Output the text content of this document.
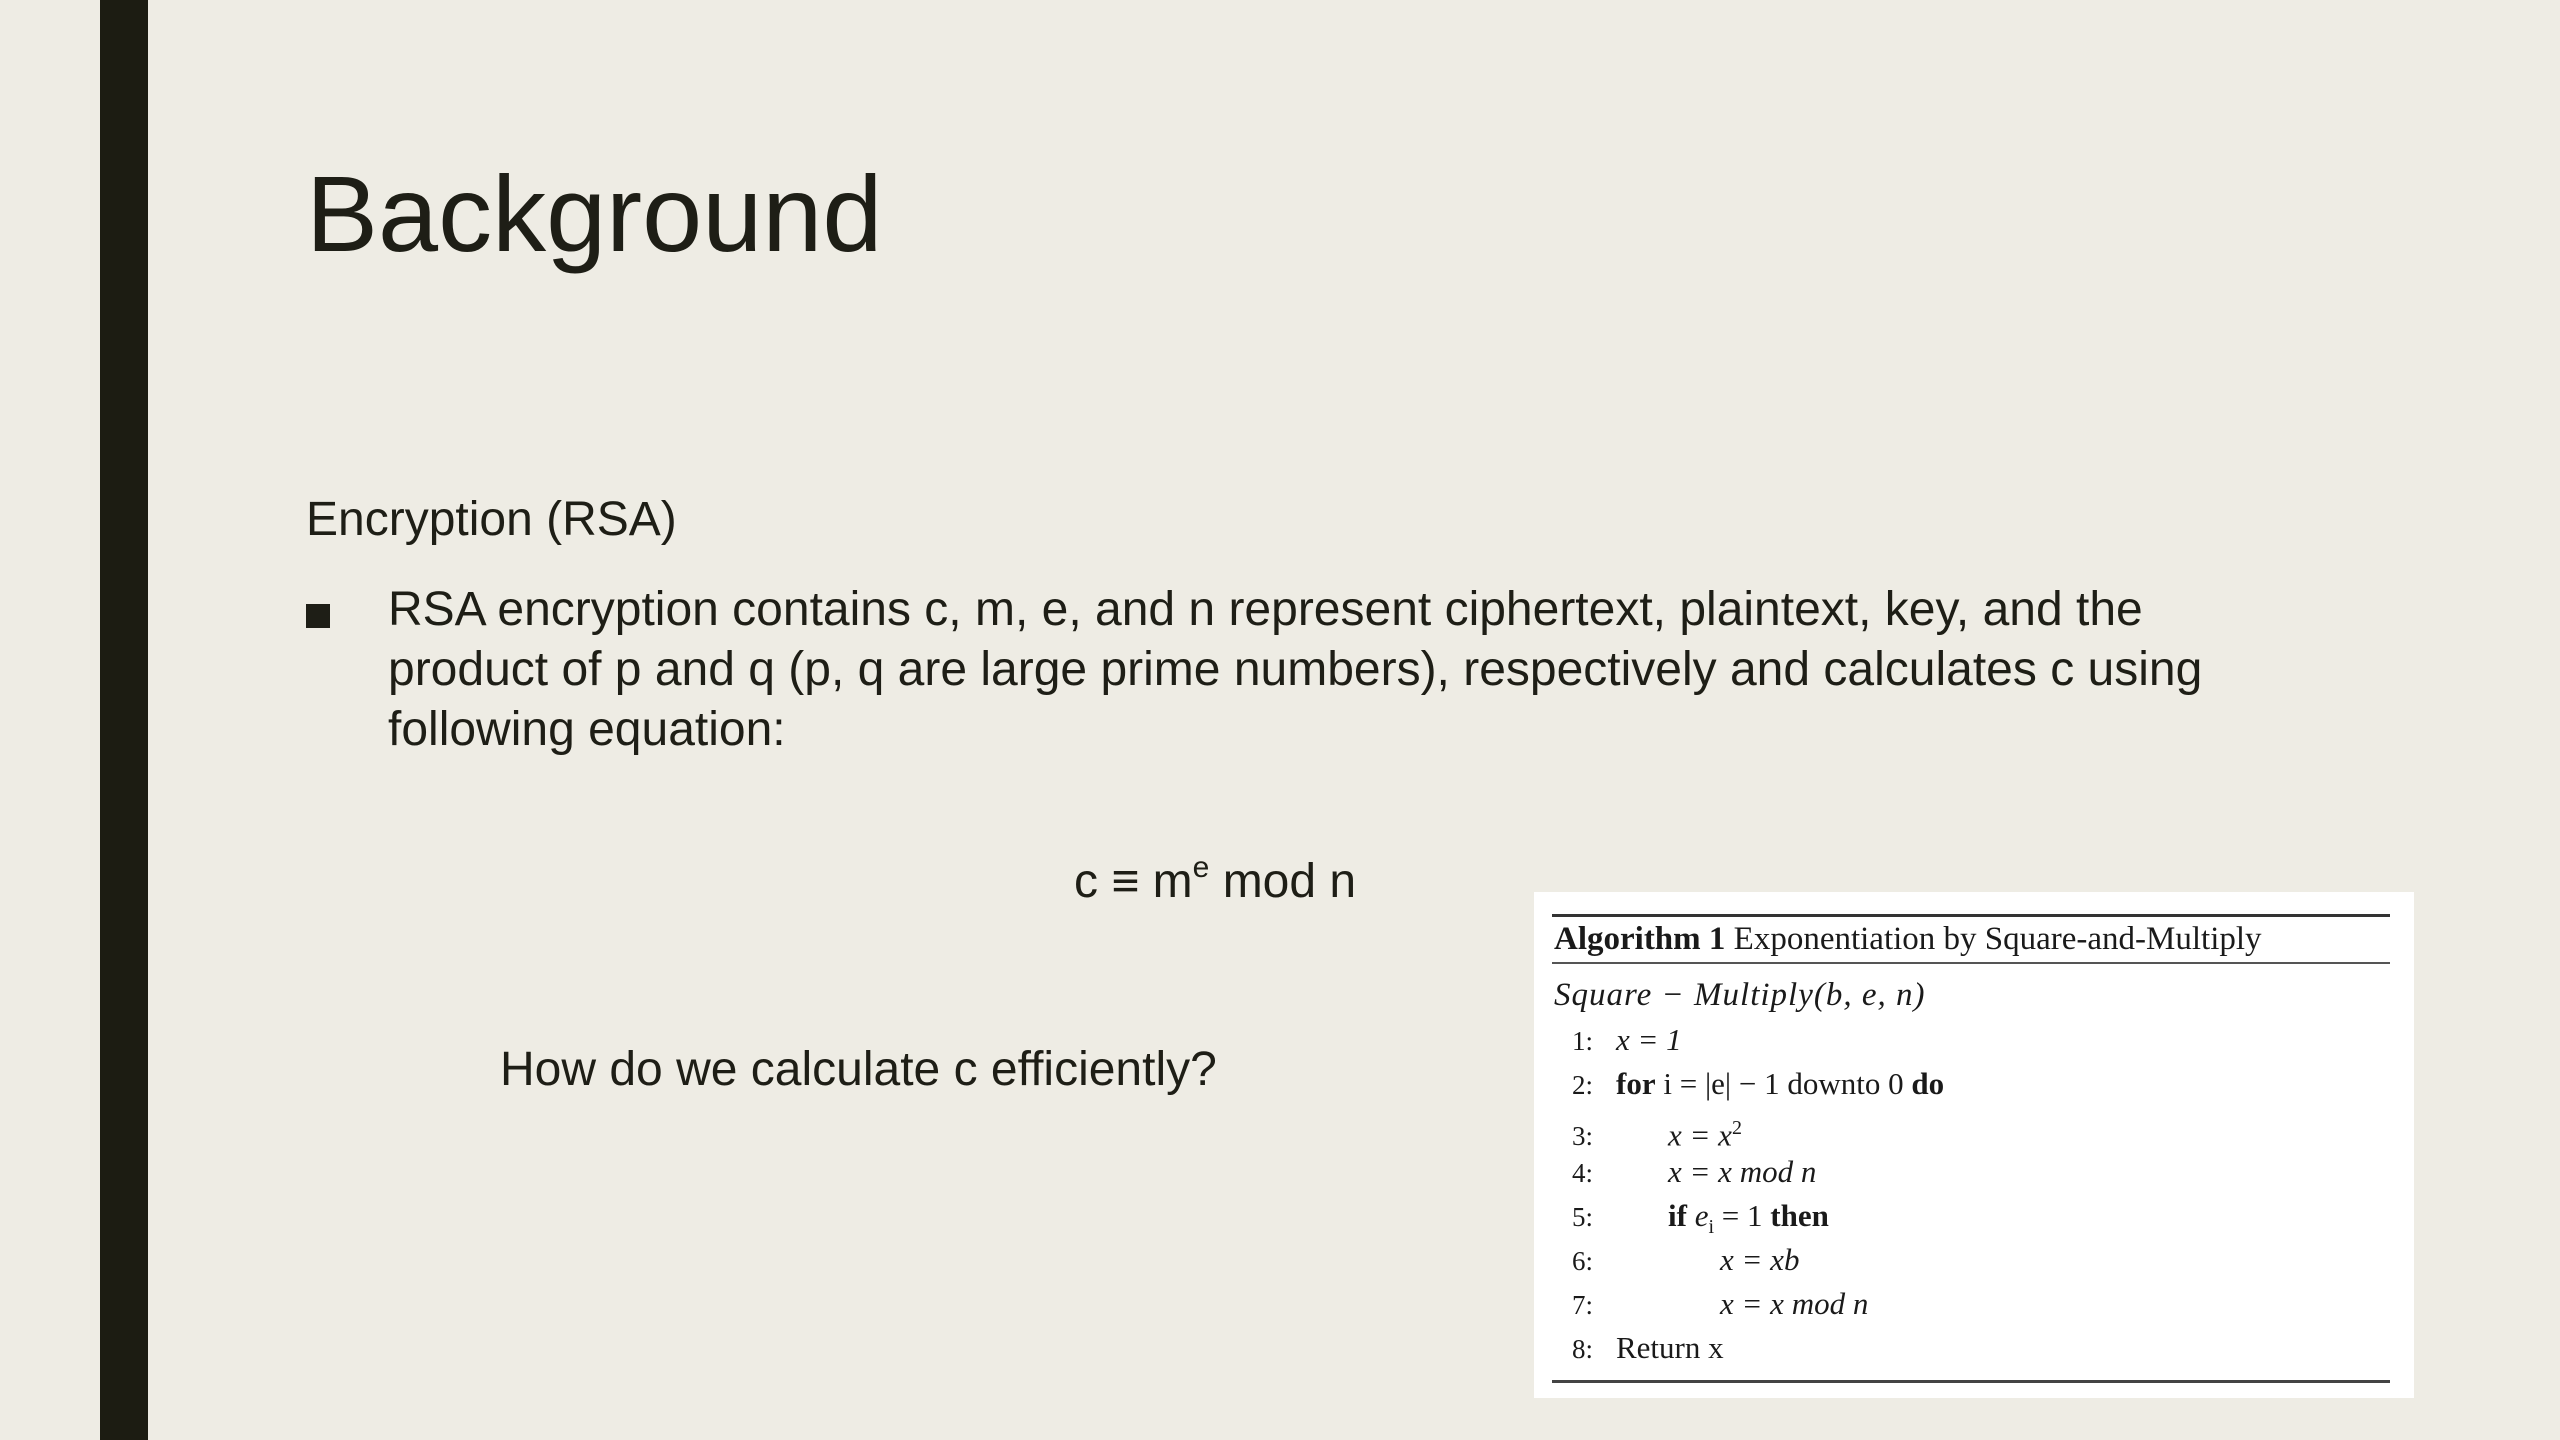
Background
Encryption (RSA)
RSA encryption contains c, m, e, and n represent ciphertext, plaintext, key, and the product of p and q (p, q are large prime numbers), respectively and calculates c using following equation:
$c \equiv m^e$ mod n
How do we calculate c efficiently?
Algorithm 1 Exponentiation by Square-and-Multiply
Square − Multiply(b, e, n)
1: x = 1
2: for i = |e| − 1 downto 0 do
3: $x = x^2$
4: x = x mod n
5: if $e_i = 1$ then
6:	x = xb
7:	x = x mod n
8: Return x
